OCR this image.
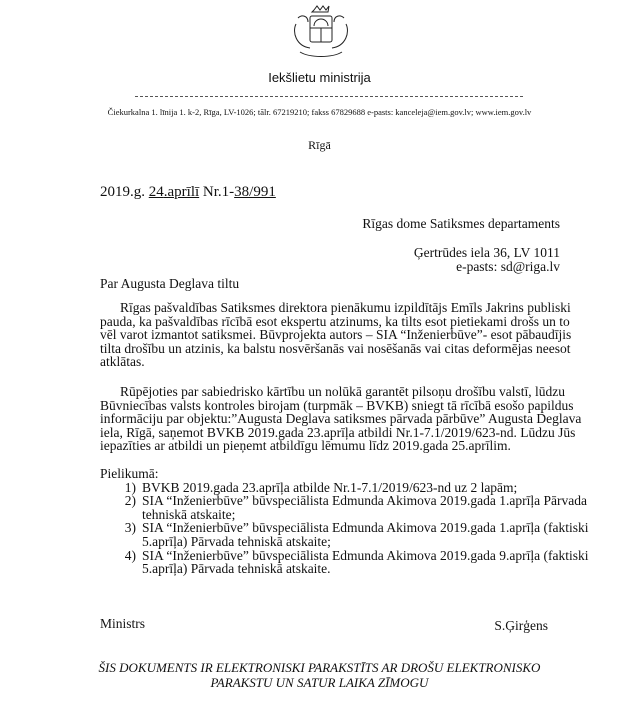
Iekšlietu ministrija
Čiekurkalna 1. līnija 1. k-2, Rīga, LV-1026; tālr. 67219210; fakss 67829688 e-pasts: kanceleja@iem.gov.lv; www.iem.gov.lv
Rīgā
2019.g. 24.aprīlī Nr.1-38/991
Rīgas dome Satiksmes departaments
Ģertrūdes iela 36, LV 1011
e-pasts: sd@riga.lv
Par Augusta Deglava tiltu
Rīgas pašvaldības Satiksmes direktora pienākumu izpildītājs Emīls Jakrins publiski
pauda, ka pašvaldības rīcībā esot ekspertu atzinums, ka tilts esot pietiekami drošs un to
vēl varot izmantot satiksmei. Būvprojekta autors – SIA “Inženierbūve”- esot pābaudījis
tilta drošību un atzinis, ka balstu nosvēršanās vai nosēšanās vai citas deformējas neesot
atklātas.
Rūpējoties par sabiedrisko kārtību un nolūkā garantēt pilsoņu drošību valstī, lūdzu
Būvniecības valsts kontroles birojam (turpmāk – BVKB) sniegt tā rīcībā esošo papildus
informāciju par objektu:”Augusta Deglava satiksmes pārvada pārbūve” Augusta Deglava
iela, Rīgā, saņemot BVKB 2019.gada 23.aprīļa atbildi Nr.1-7.1/2019/623-nd. Lūdzu Jūs
iepazīties ar atbildi un pieņemt atbildīgu lēmumu līdz 2019.gada 25.aprīlim.
Pielikumā:
1) BVKB 2019.gada 23.aprīļa atbilde Nr.1-7.1/2019/623-nd uz 2 lapām;
2) SIA “Inženierbūve” būvspeciālista Edmunda Akimova 2019.gada 1.aprīļa Pārvada
tehniskā atskaite;
3) SIA “Inženierbūve” būvspeciālista Edmunda Akimova 2019.gada 1.aprīļa (faktiski
5.aprīļa) Pārvada tehniskā atskaite;
4) SIA “Inženierbūve” būvspeciālista Edmunda Akimova 2019.gada 9.aprīļa (faktiski
5.aprīļa) Pārvada tehniskā atskaite.
Ministrs	S.Ģirģens
ŠIS DOKUMENTS IR ELEKTRONISKI PARAKSTĪTS AR DROŠU ELEKTRONISKO
PARAKSTU UN SATUR LAIKA ZĪMOGU
